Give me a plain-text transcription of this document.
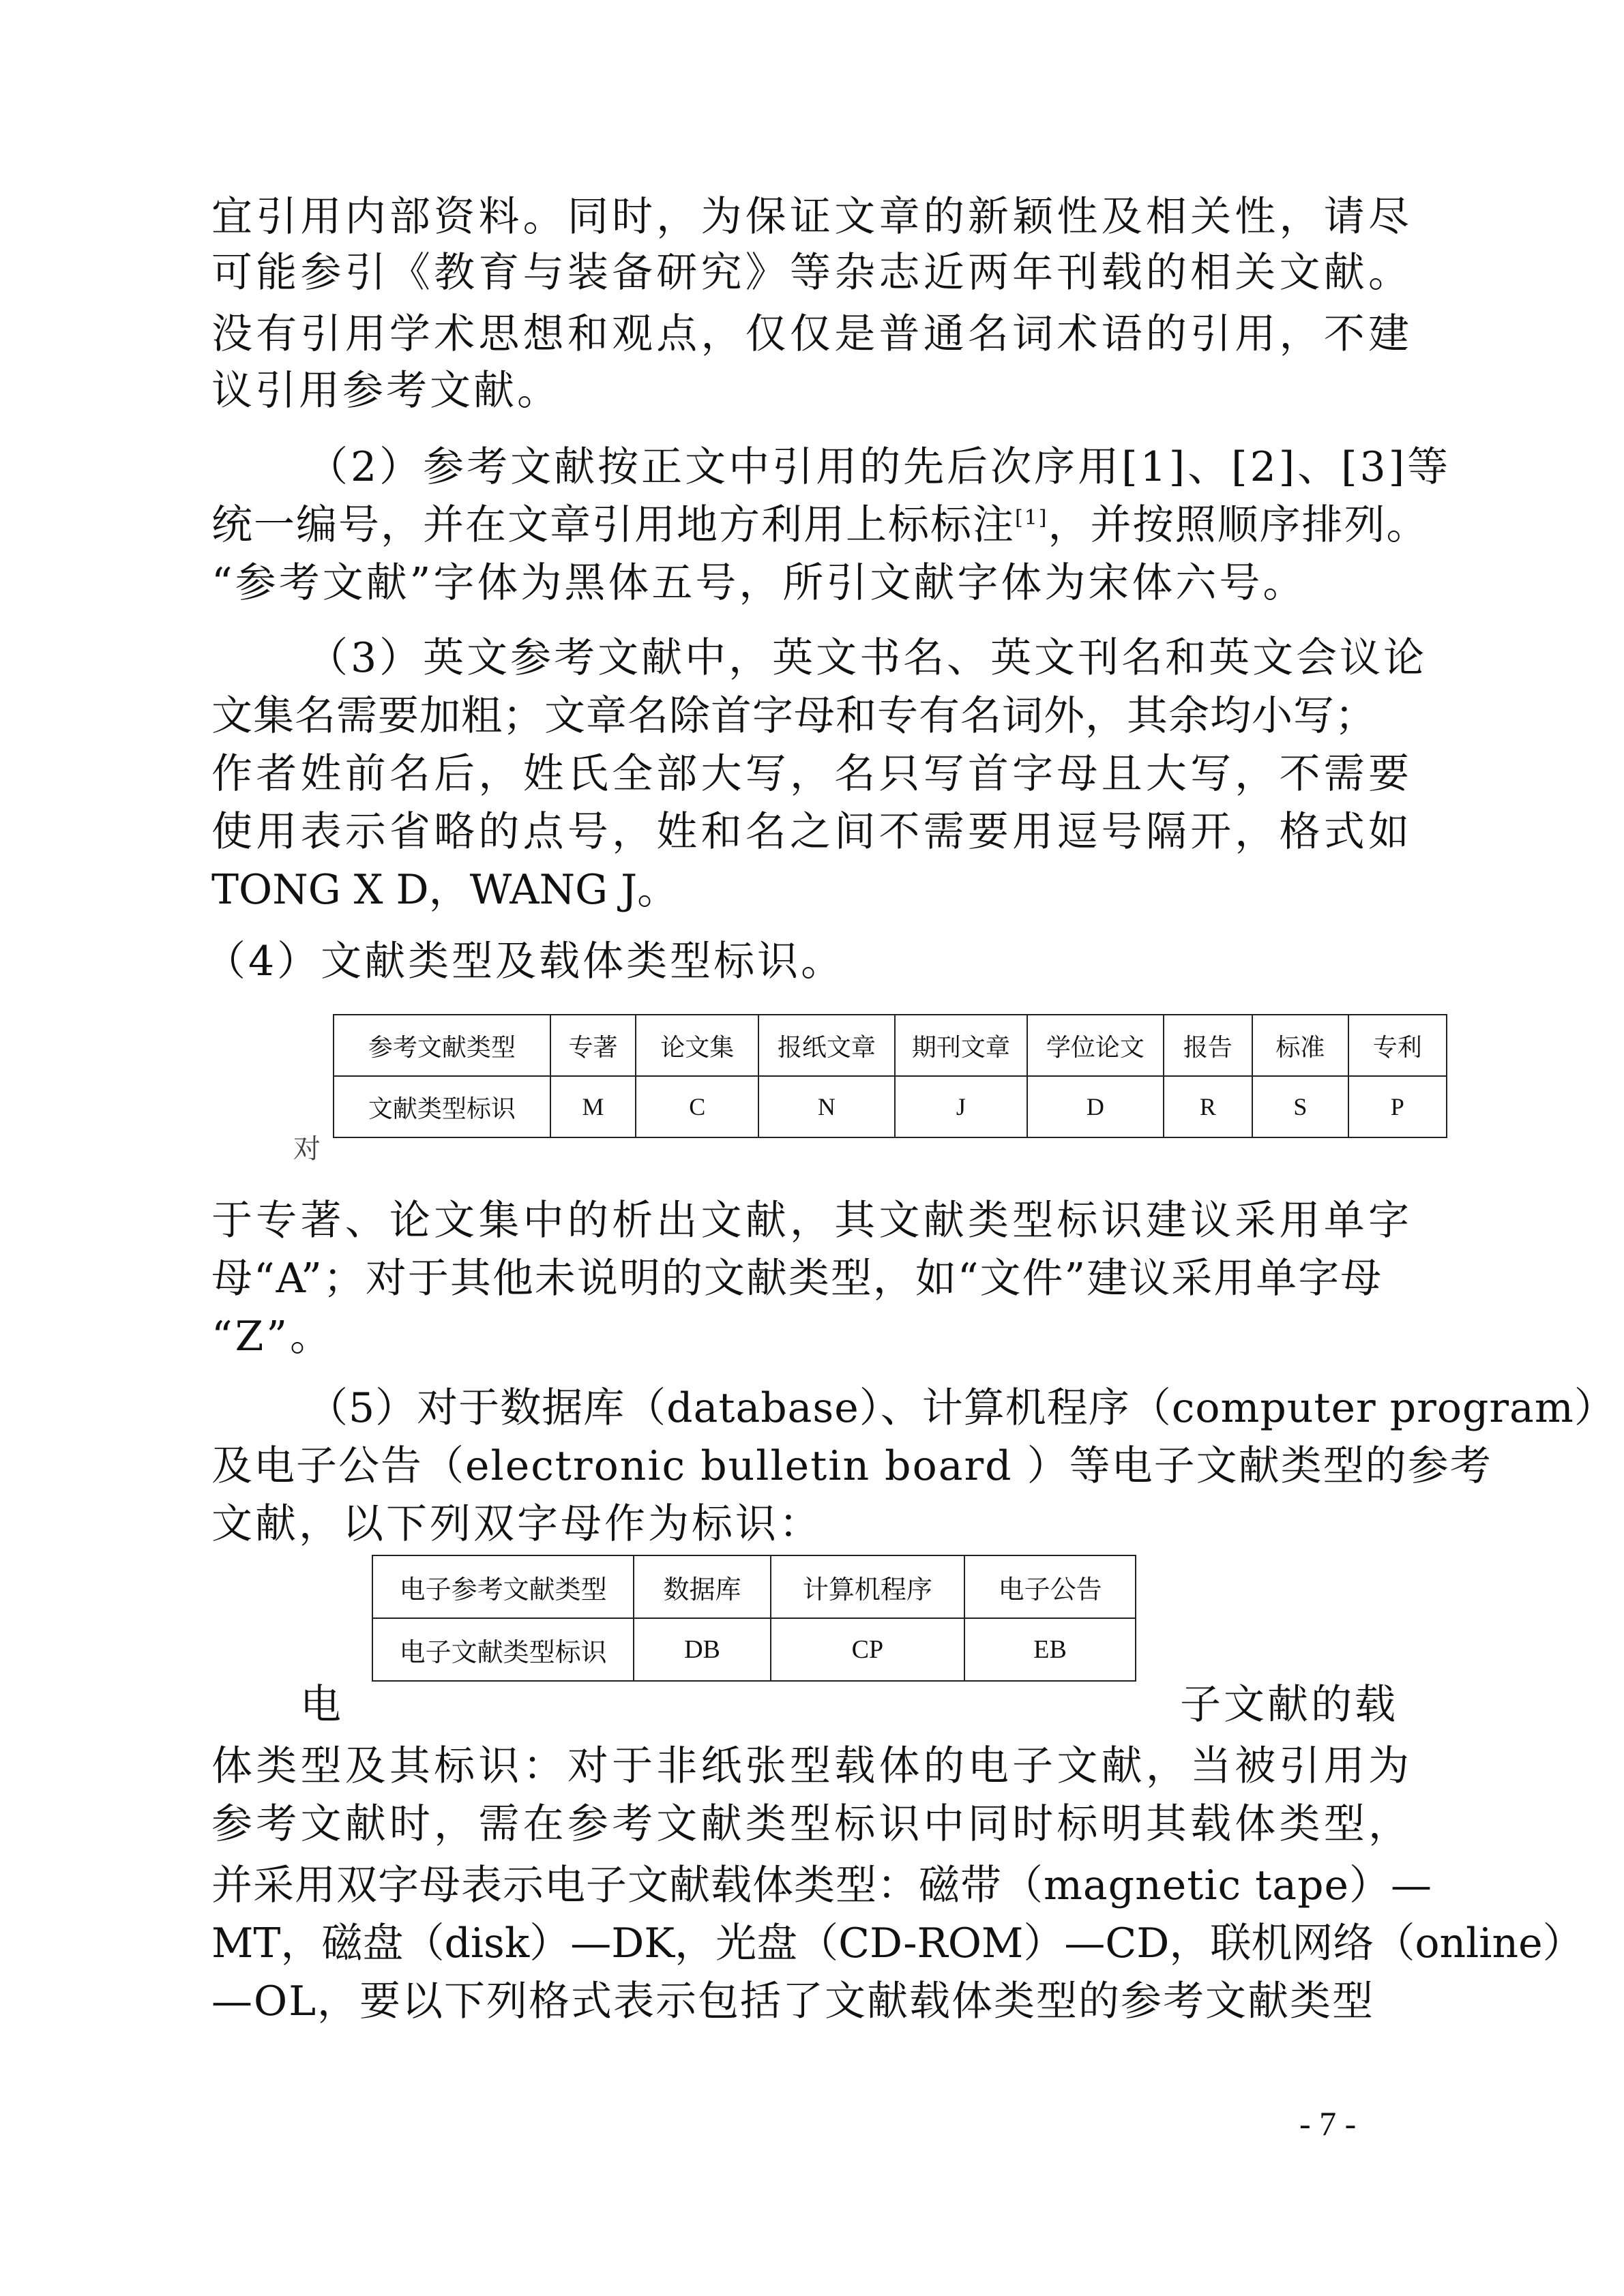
宜引用内部资料。同时，为保证文章的新颖性及相关性，请尽
可能参引《教育与装备研究》等杂志近两年刊载的相关文献。
没有引用学术思想和观点，仅仅是普通名词术语的引用，不建
议引用参考文献。
（2）参考文献按正文中引用的先后次序用[1]、[2]、[3]等
统一编号，并在文章引用地方利用上标标注[1]，并按照顺序排列。
“参考文献”字体为黑体五号，所引文献字体为宋体六号。
（3）英文参考文献中，英文书名、英文刊名和英文会议论
文集名需要加粗；文章名除首字母和专有名词外，其余均小写；
作者姓前名后，姓氏全部大写，名只写首字母且大写，不需要
使用表示省略的点号，姓和名之间不需要用逗号隔开，格式如
TONG X D，WANG J。
（4）文献类型及载体类型标识。
对
于专著、论文集中的析出文献，其文献类型标识建议采用单字
母“A”；对于其他未说明的文献类型，如“文件”建议采用单字母
“Z”。
（5）对于数据库（database）、计算机程序（computer program）
及电子公告（electronic bulletin board ）等电子文献类型的参考
文献，以下列双字母作为标识：
电	子文献的载
体类型及其标识：对于非纸张型载体的电子文献，当被引用为
参考文献时，需在参考文献类型标识中同时标明其载体类型，
并采用双字母表示电子文献载体类型：磁带（magnetic tape）—
MT，磁盘（disk）—DK，光盘（CD-ROM）—CD，联机网络（online）
—OL，要以下列格式表示包括了文献载体类型的参考文献类型
参考文献类型	专著	论文集	报纸文章	期刊文章	学位论文	报告	标准	专利
文献类型标识	M	C	N	J	D	R	S	P
电子参考文献类型	数据库	计算机程序	电子公告
电子文献类型标识	DB	CP	EB
- 7 -
